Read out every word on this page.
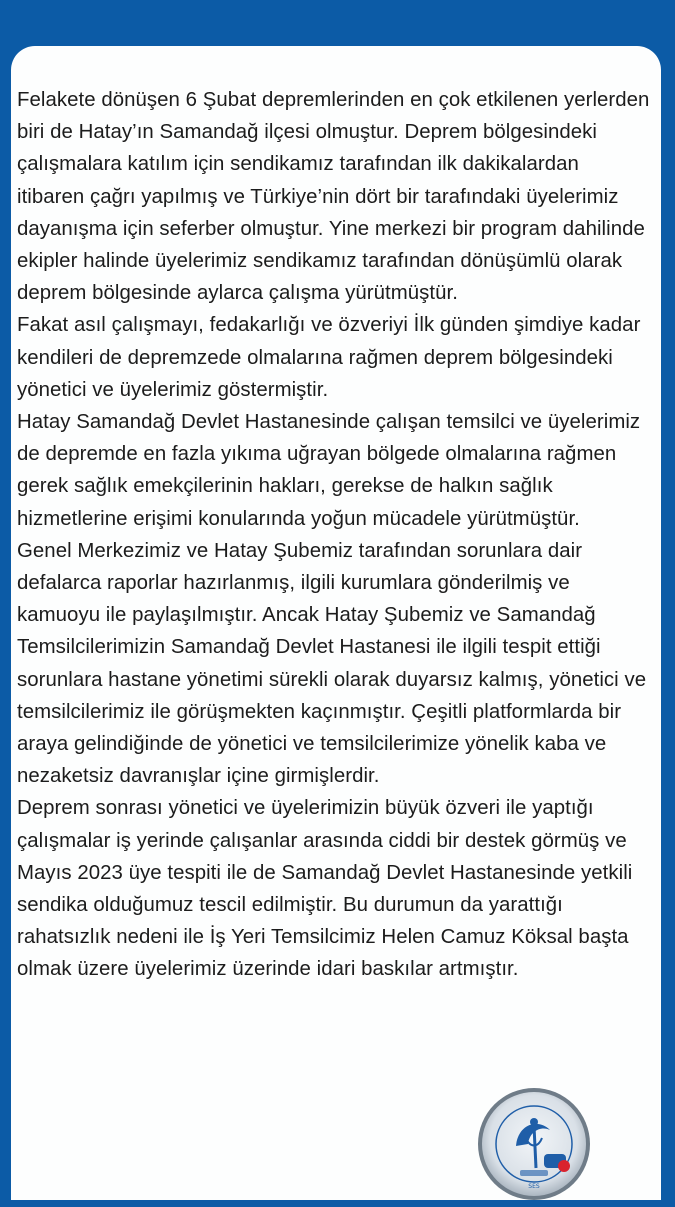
Felakete dönüşen 6 Şubat depremlerinden en çok etkilenen yerlerden biri de Hatay’ın Samandağ ilçesi olmuştur. Deprem bölgesindeki çalışmalara katılım için sendikamız tarafından ilk dakikalardan itibaren çağrı yapılmış ve Türkiye’nin dört bir tarafındaki üyelerimiz dayanışma için seferber olmuştur. Yine merkezi bir program dahilinde ekipler halinde üyelerimiz sendikamız tarafından dönüşümlü olarak deprem bölgesinde aylarca çalışma yürütmüştür.

Fakat asıl çalışmayı, fedakarlığı ve özveriyi İlk günden şimdiye kadar kendileri de depremzede olmalarına rağmen deprem bölgesindeki yönetici ve üyelerimiz göstermiştir.

Hatay Samandağ Devlet Hastanesinde çalışan temsilci ve üyelerimiz de depremde en fazla yıkıma uğrayan bölgede olmalarına rağmen gerek sağlık emekçilerinin hakları, gerekse de halkın sağlık hizmetlerine erişimi konularında yoğun mücadele yürütmüştür.

Genel Merkezimiz ve Hatay Şubemiz tarafından sorunlara dair defalarca raporlar hazırlanmış, ilgili kurumlara gönderilmiş ve kamuoyu ile paylaşılmıştır. Ancak Hatay Şubemiz ve Samandağ Temsilcilerimizin Samandağ Devlet Hastanesi ile ilgili tespit ettiği sorunlara hastane yönetimi sürekli olarak duyarsız kalmış, yönetici ve temsilcilerimiz ile görüşmekten kaçınmıştır. Çeşitli platformlarda bir araya gelindiğinde de yönetici ve temsilcilerimize yönelik kaba ve nezaketsiz davranışlar içine girmişlerdir.

Deprem sonrası yönetici ve üyelerimizin büyük özveri ile yaptığı çalışmalar iş yerinde çalışanlar arasında ciddi bir destek görmüş ve Mayıs 2023 üye tespiti ile de Samandağ Devlet Hastanesinde yetkili sendika olduğumuz tescil edilmiştir. Bu durumun da yarattığı rahatsızlık nedeni ile İş Yeri Temsilcimiz Helen Camuz Köksal başta olmak üzere üyelerimiz üzerinde idari baskılar artmıştır.

SES
